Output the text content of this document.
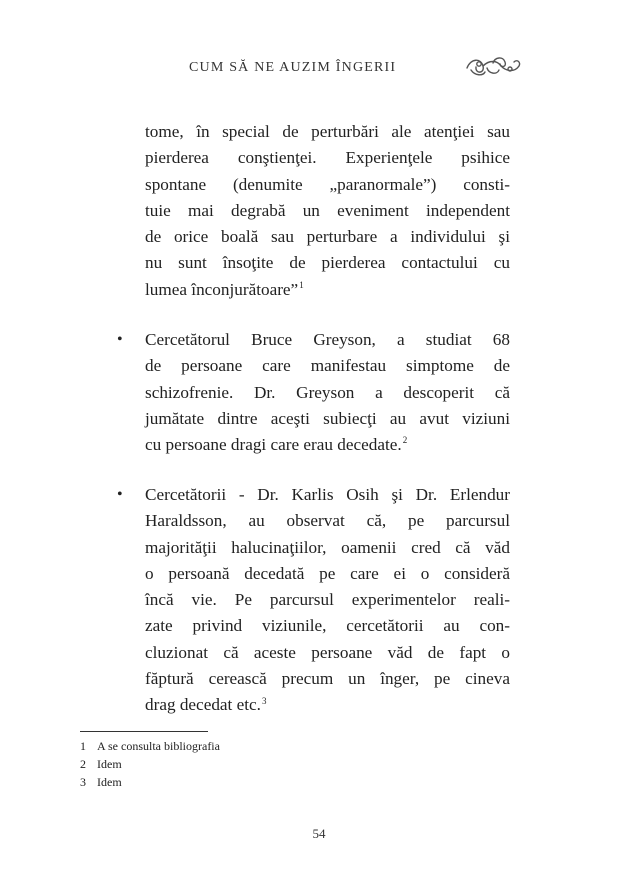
CUM SĂ NE AUZIM ÎNGERII
tome, în special de perturbări ale atenţiei sau
pierderea conştienţei. Experienţele psihice
spontane (denumite „paranormale”) consti-
tuie mai degrabă un eveniment independent
de orice boală sau perturbare a individului şi
nu sunt însoţite de pierderea contactului cu
lumea înconjurătoare”$^1$
• Cercetătorul Bruce Greyson, a studiat 68
de persoane care manifestau simptome de
schizofrenie. Dr. Greyson a descoperit că
jumătate dintre aceşti subiecţi au avut viziuni
cu persoane dragi care erau decedate.$^2$
• Cercetătorii - Dr. Karlis Osih şi Dr. Erlendur
Haraldsson, au observat că, pe parcursul
majorităţii halucinaţiilor, oamenii cred că văd
o persoană decedată pe care ei o consideră
încă vie. Pe parcursul experimentelor reali-
zate privind viziunile, cercetătorii au con-
cluzionat că aceste persoane văd de fapt o
făptură cerească precum un înger, pe cineva
drag decedat etc.$^3$
1 A se consulta bibliografia
2 Idem
3 Idem
54
